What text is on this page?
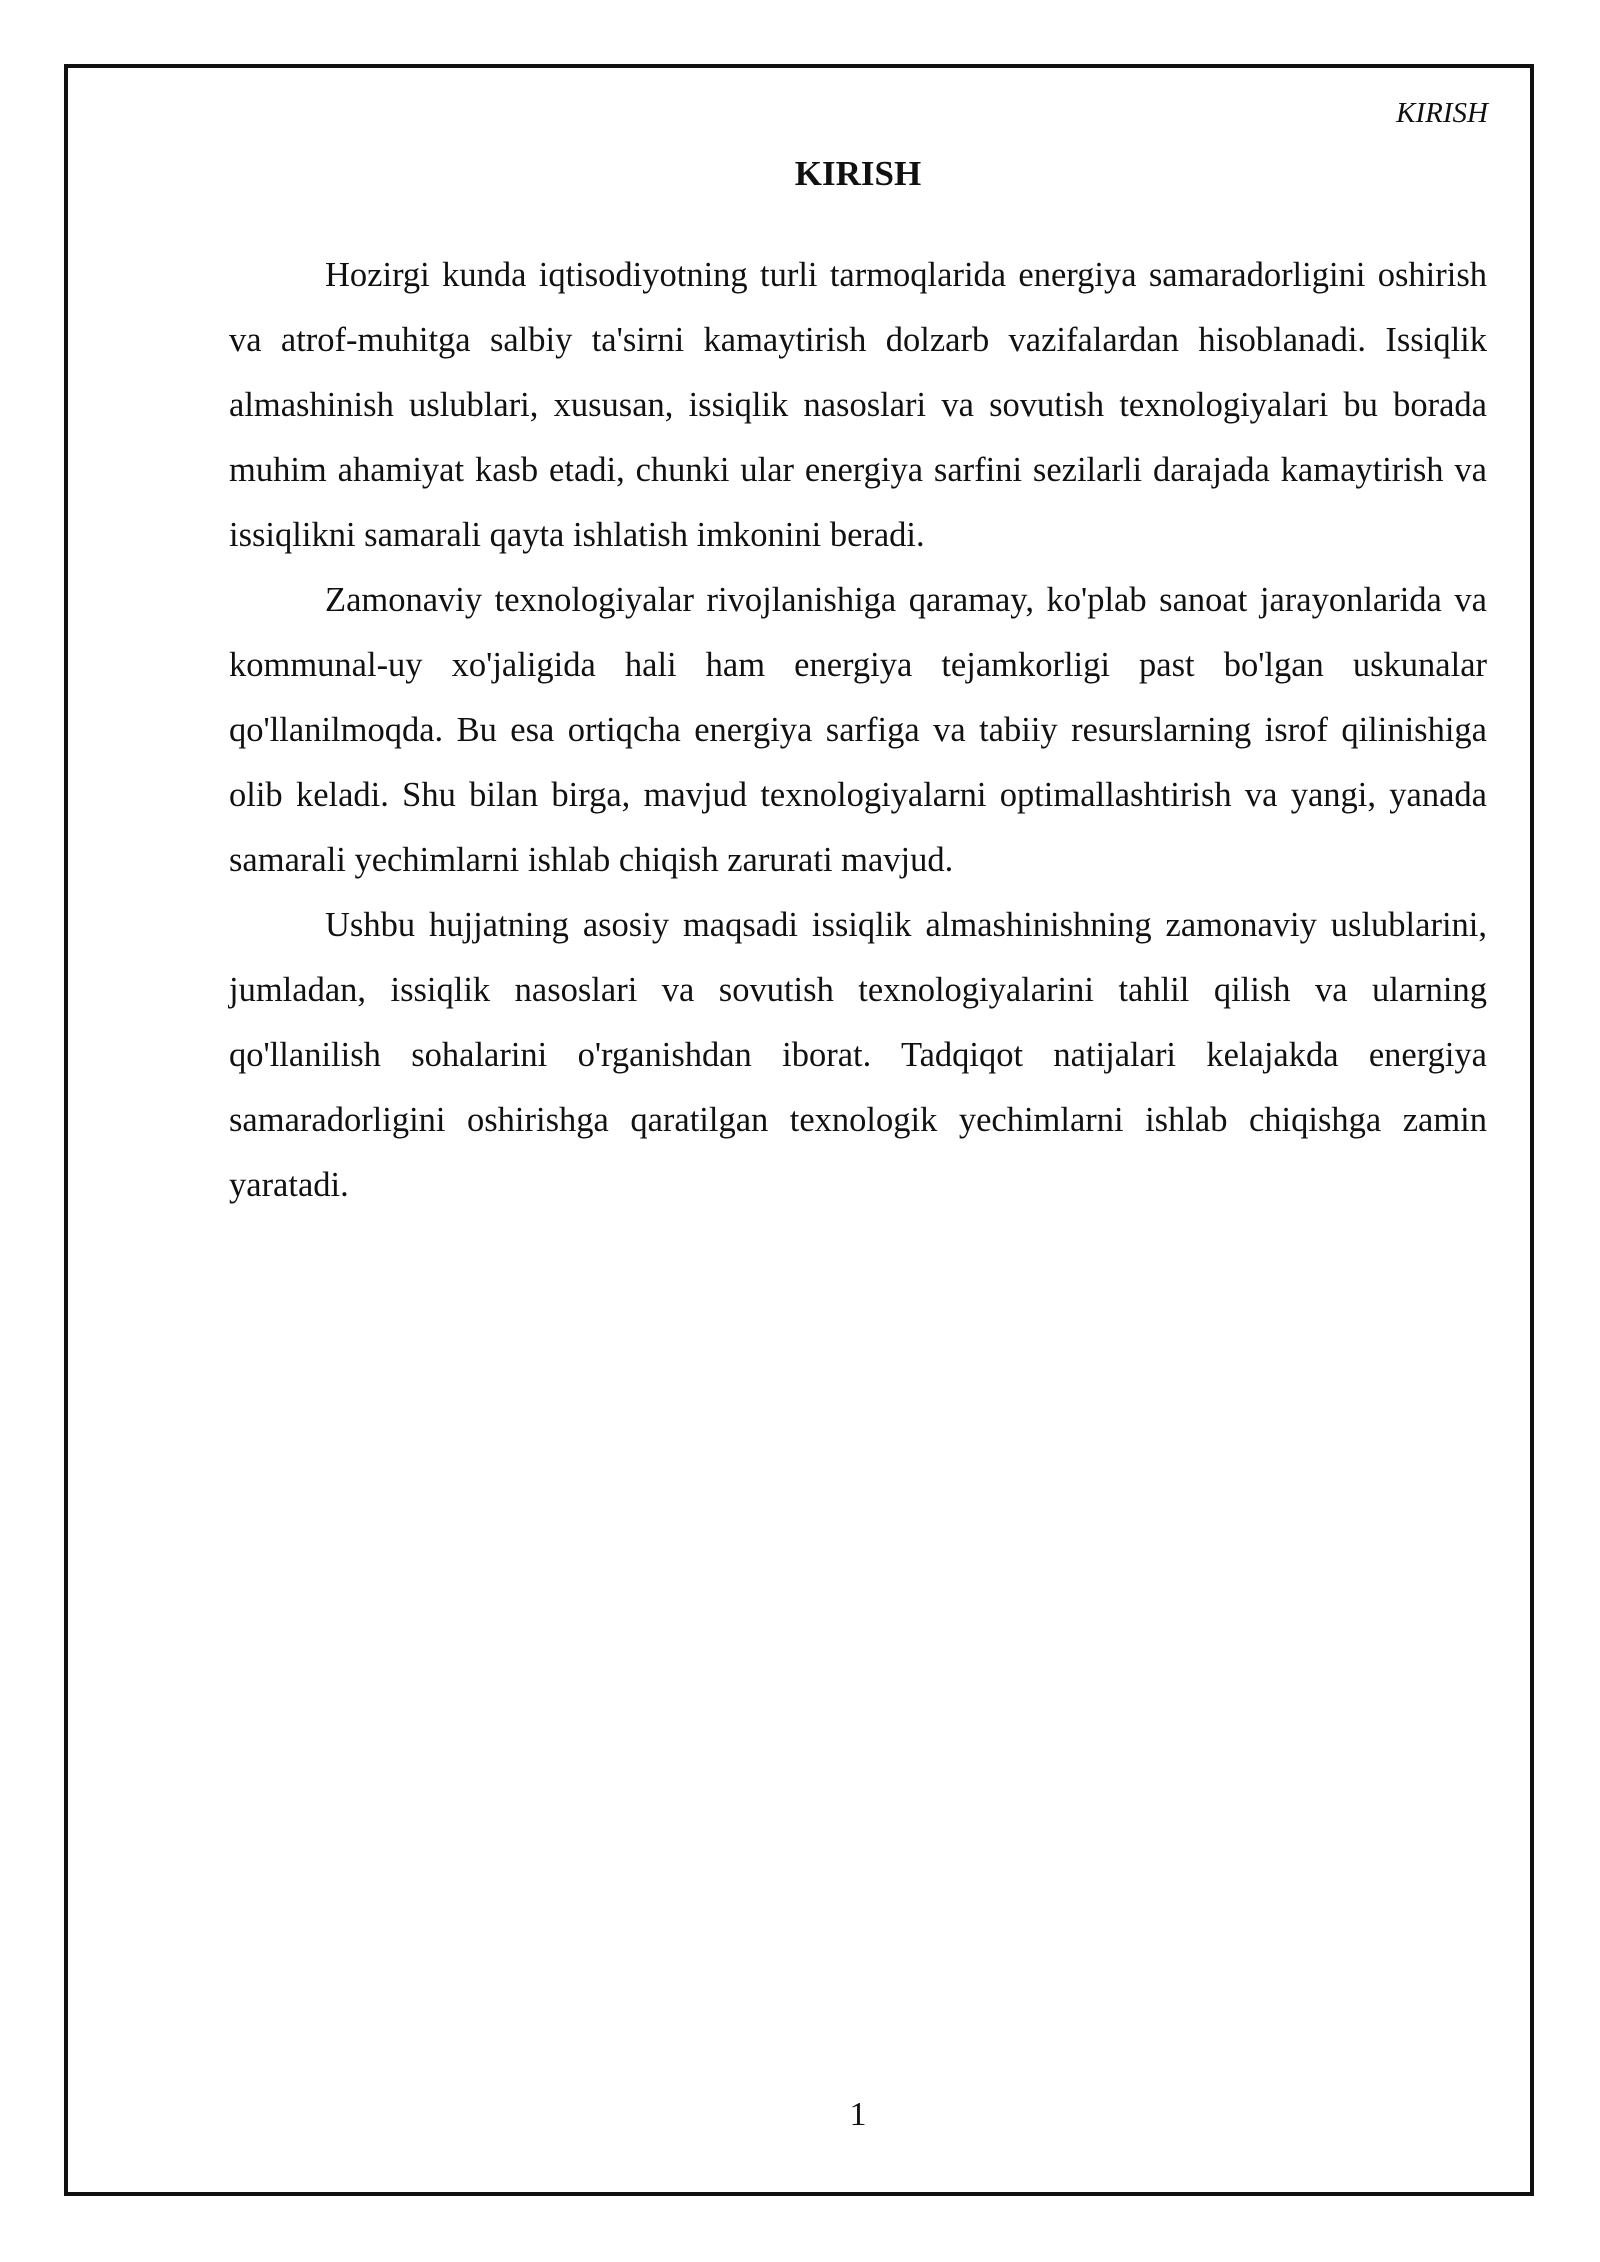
KIRISH
KIRISH

Hozirgi kunda iqtisodiyotning turli tarmoqlarida energiya samaradorligini oshirish va atrof-muhitga salbiy ta'sirni kamaytirish dolzarb vazifalardan hisoblanadi. Issiqlik almashinish uslublari, xususan, issiqlik nasoslari va sovutish texnologiyalari bu borada muhim ahamiyat kasb etadi, chunki ular energiya sarfini sezilarli darajada kamaytirish va issiqlikni samarali qayta ishlatish imkonini beradi.

Zamonaviy texnologiyalar rivojlanishiga qaramay, ko'plab sanoat jarayonlarida va kommunal-uy xo'jaligida hali ham energiya tejamkorligi past bo'lgan uskunalar qo'llanilmoqda. Bu esa ortiqcha energiya sarfiga va tabiiy resurslarning isrof qilinishiga olib keladi. Shu bilan birga, mavjud texnologiyalarni optimallashtirish va yangi, yanada samarali yechimlarni ishlab chiqish zarurati mavjud.

Ushbu hujjatning asosiy maqsadi issiqlik almashinishning zamonaviy uslublarini, jumladan, issiqlik nasoslari va sovutish texnologiyalarini tahlil qilish va ularning qo'llanilish sohalarini o'rganishdan iborat. Tadqiqot natijalari kelajakda energiya samaradorligini oshirishga qaratilgan texnologik yechimlarni ishlab chiqishga zamin yaratadi.

1
